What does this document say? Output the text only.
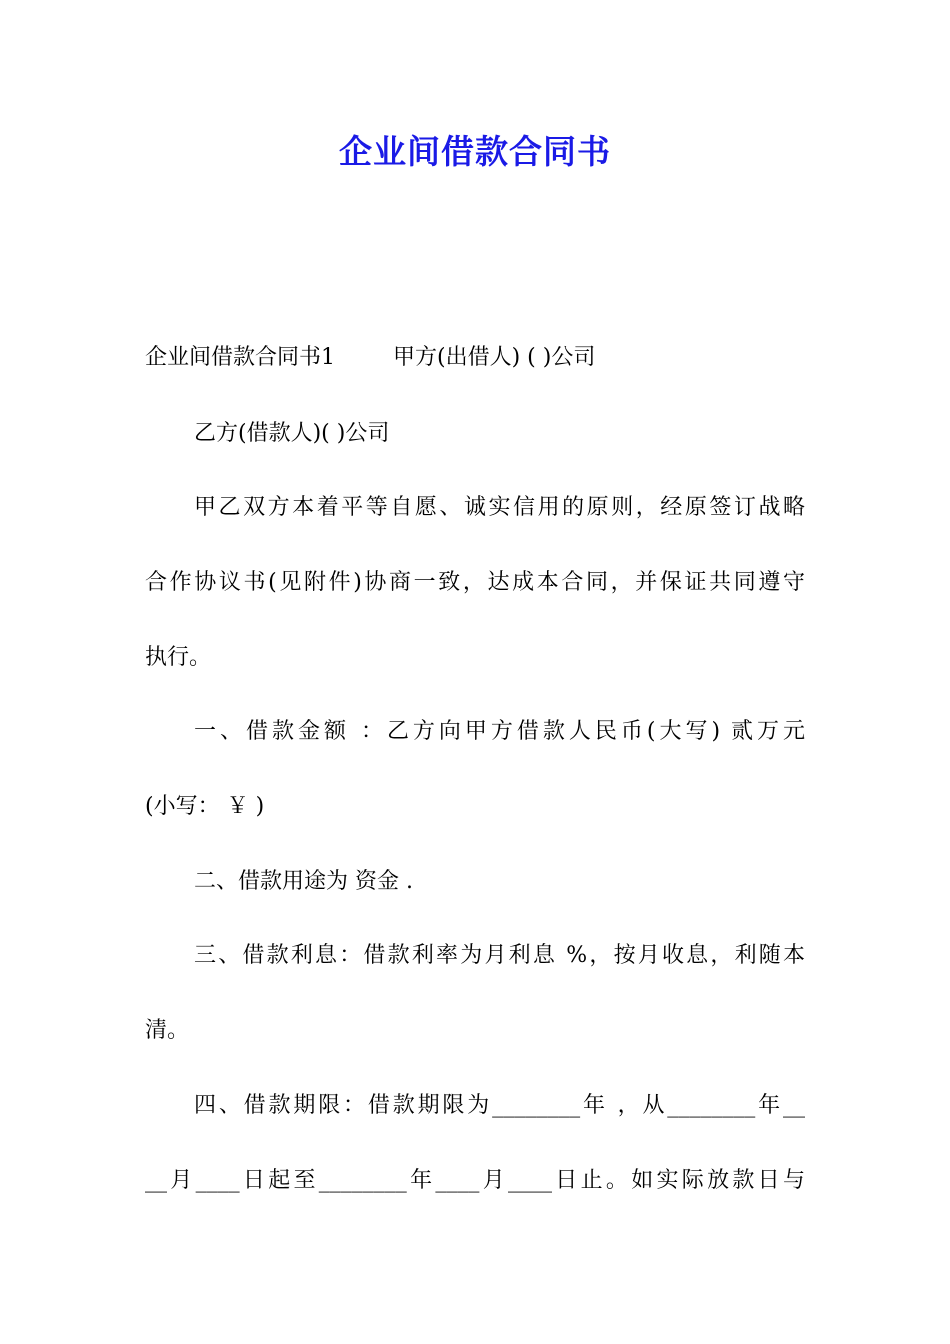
企业间借款合同书
企业间借款合同书1	甲方(出借人) ( )公司
乙方(借款人)( )公司
甲乙双方本着平等自愿、诚实信用的原则，经原签订战略
合作协议书(见附件)协商一致，达成本合同，并保证共同遵守
执行。
一、借款金额 ：乙方向甲方借款人民币(大写) 贰万元
(小写： ￥ )
二、借款用途为 资金 .
三、借款利息：借款利率为月利息 %，按月收息，利随本
清。
四、借款期限：借款期限为________年 ，从________年__
__月____日起至________年____月____日止。如实际放款日与
